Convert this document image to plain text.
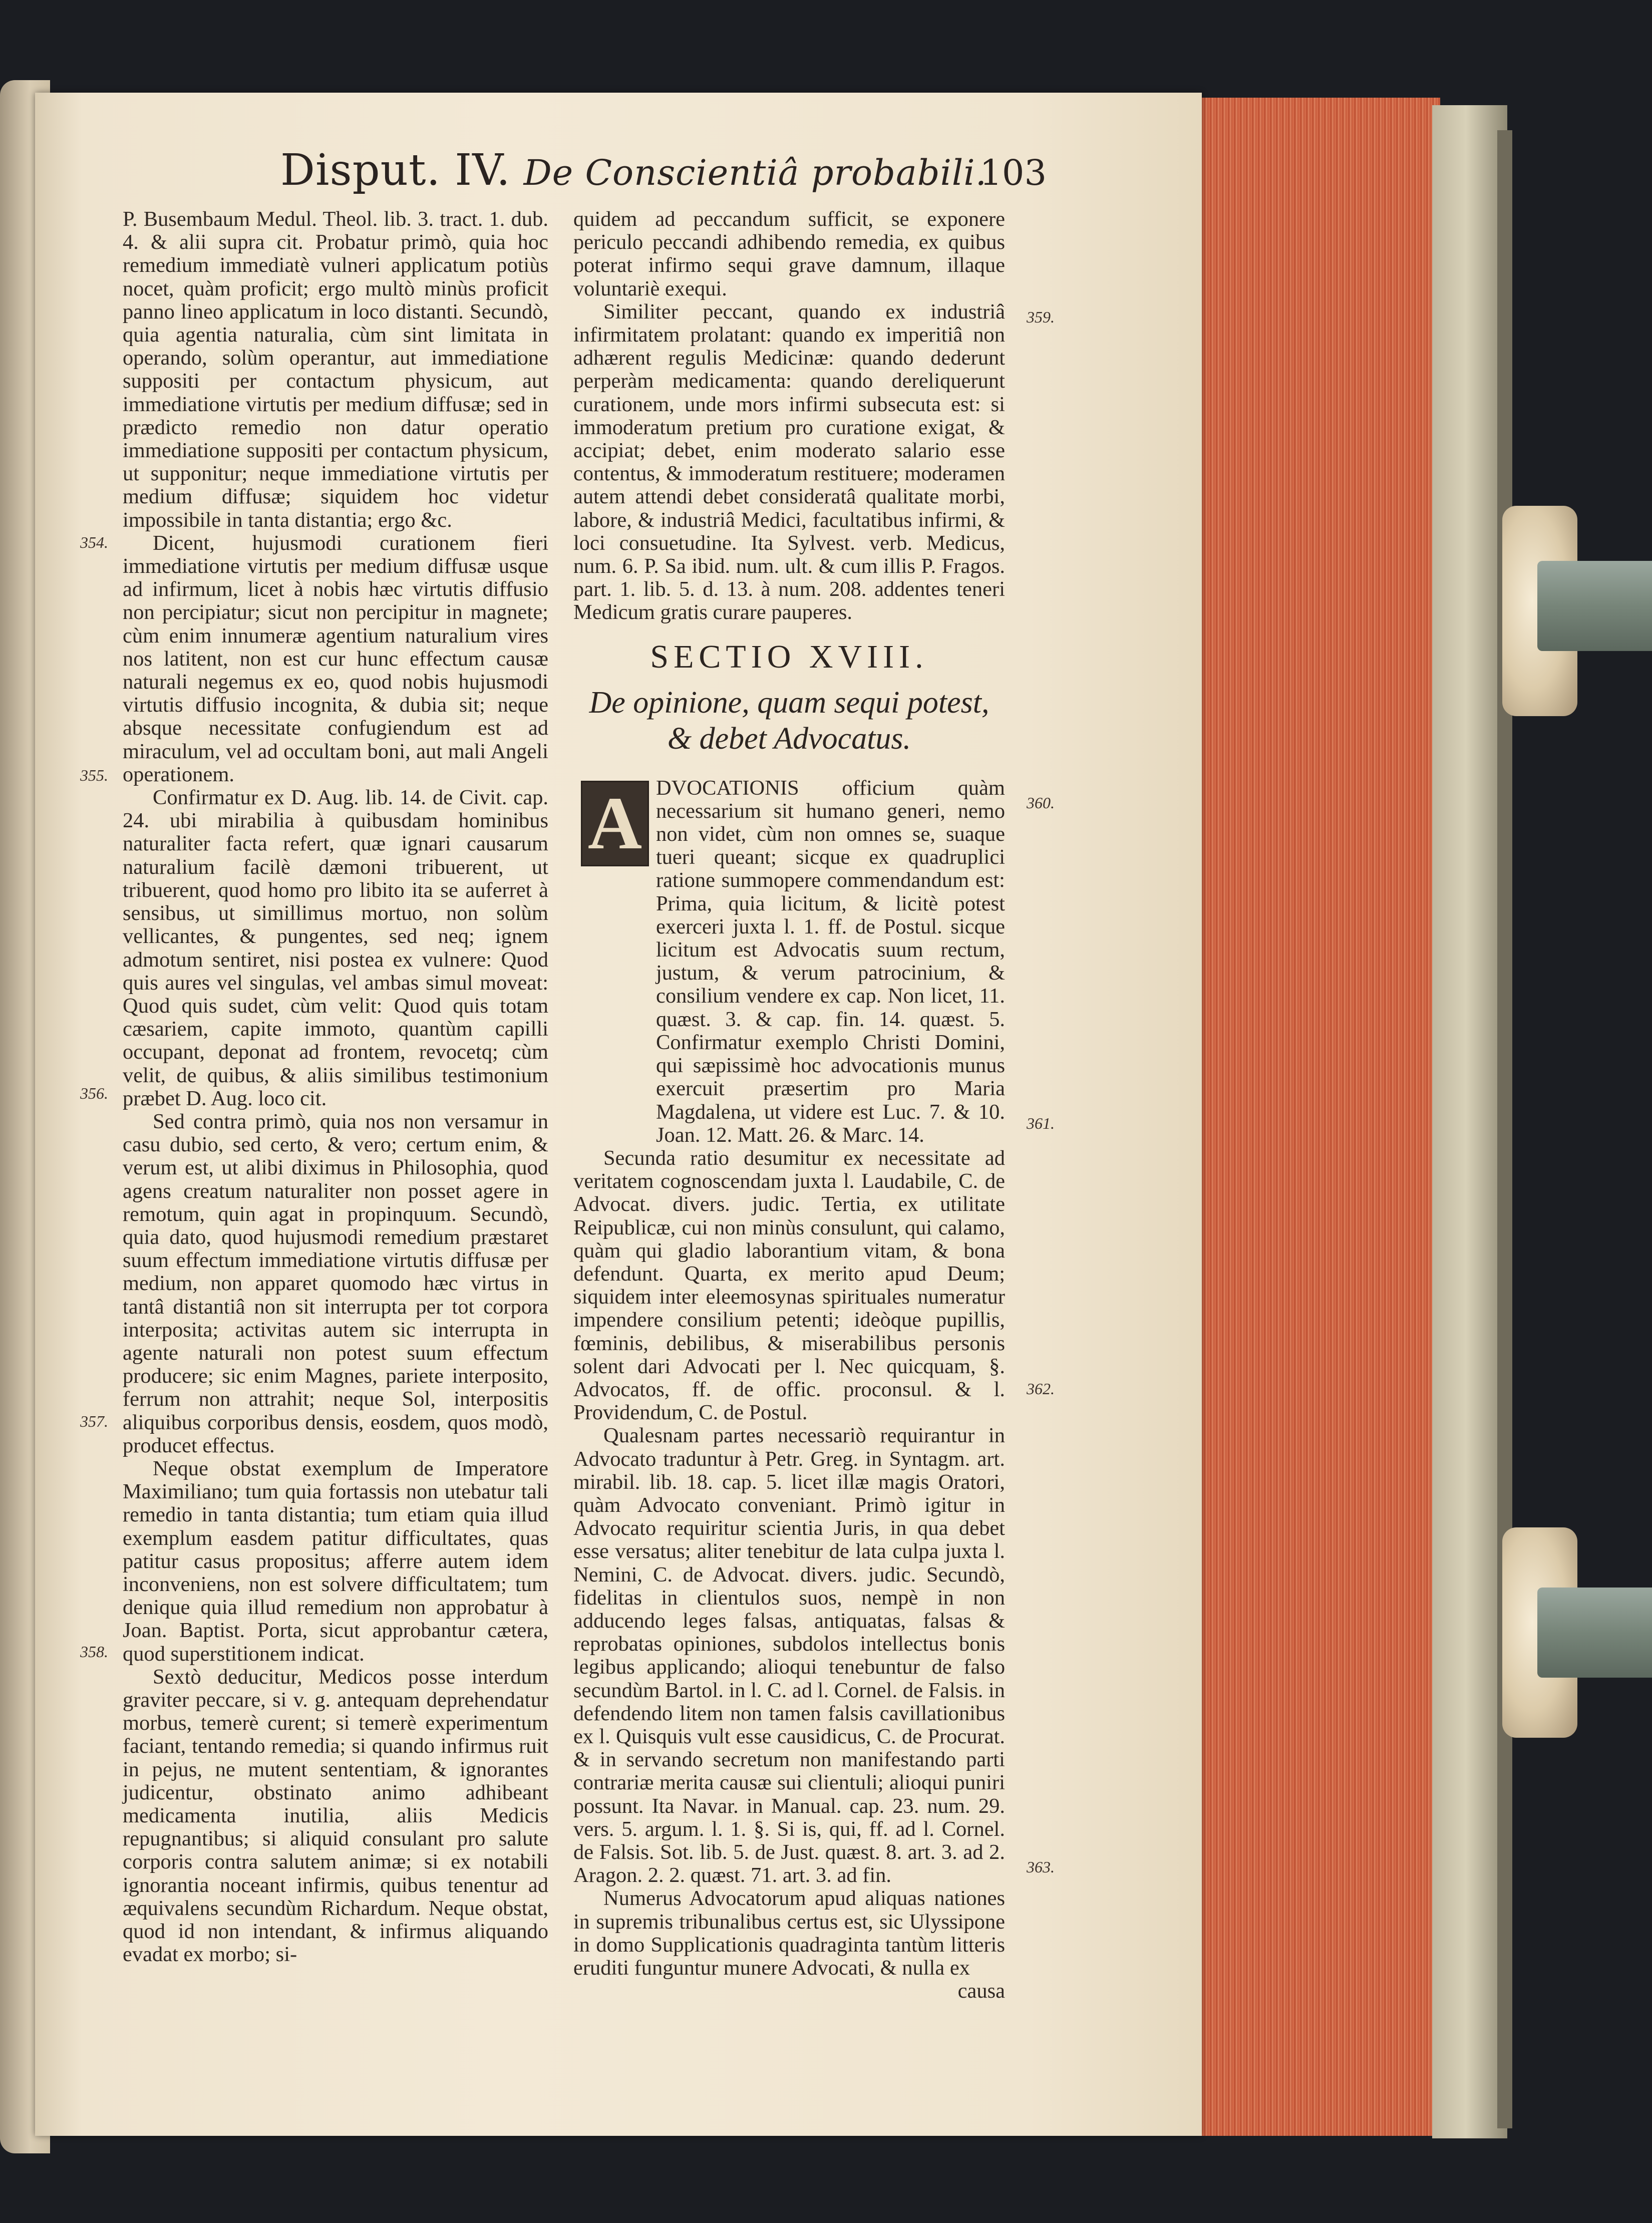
Disput. IV. De Conscientiâ probabili.
103

P. Busembaum Medul. Theol. lib. 3. tract. 1. dub. 4. & alii supra cit. Probatur primò, quia hoc remedium immediatè vulneri applicatum potiùs nocet, quàm proficit; ergo multò minùs proficit panno lineo applicatum in loco distanti. Secundò, quia agentia naturalia, cùm sint limitata in operando, solùm operantur, aut immediatione suppositi per contactum physicum, aut immediatione virtutis per medium diffusæ; sed in prædicto remedio non datur operatio immediatione suppositi per contactum physicum, ut supponitur; neque immediatione virtutis per medium diffusæ; siquidem hoc videtur impossibile in tanta distantia; ergo &c.

Dicent, hujusmodi curationem fieri immediatione virtutis per medium diffusæ usque ad infirmum, licet à nobis hæc virtutis diffusio non percipiatur; sicut non percipitur in magnete; cùm enim innumeræ agentium naturalium vires nos latitent, non est cur hunc effectum causæ naturali negemus ex eo, quod nobis hujusmodi virtutis diffusio incognita, & dubia sit; neque absque necessitate confugiendum est ad miraculum, vel ad occultam boni, aut mali Angeli operationem.

Confirmatur ex D. Aug. lib. 14. de Civit. cap. 24. ubi mirabilia à quibusdam hominibus naturaliter facta refert, quæ ignari causarum naturalium facilè dæmoni tribuerent, ut tribuerent, quod homo pro libito ita se auferret à sensibus, ut simillimus mortuo, non solùm vellicantes, & pungentes, sed neq; ignem admotum sentiret, nisi postea ex vulnere: Quod quis aures vel singulas, vel ambas simul moveat: Quod quis sudet, cùm velit: Quod quis totam cæsariem, capite immoto, quantùm capilli occupant, deponat ad frontem, revocetq; cùm velit, de quibus, & aliis similibus testimonium præbet D. Aug. loco cit.

Sed contra primò, quia nos non versamur in casu dubio, sed certo, & vero; certum enim, & verum est, ut alibi diximus in Philosophia, quod agens creatum naturaliter non posset agere in remotum, quin agat in propinquum. Secundò, quia dato, quod hujusmodi remedium præstaret suum effectum immediatione virtutis diffusæ per medium, non apparet quomodo hæc virtus in tantâ distantiâ non sit interrupta per tot corpora interposita; activitas autem sic interrupta in agente naturali non potest suum effectum producere; sic enim Magnes, pariete interposito, ferrum non attrahit; neque Sol, interpositis aliquibus corporibus densis, eosdem, quos modò, producet effectus.

Neque obstat exemplum de Imperatore Maximiliano; tum quia fortassis non utebatur tali remedio in tanta distantia; tum etiam quia illud exemplum easdem patitur difficultates, quas patitur casus propositus; afferre autem idem inconveniens, non est solvere difficultatem; tum denique quia illud remedium non approbatur à Joan. Baptist. Porta, sicut approbantur cætera, quod superstitionem indicat.

Sextò deducitur, Medicos posse interdum graviter peccare, si v. g. antequam deprehendatur morbus, temerè curent; si temerè experimentum faciant, tentando remedia; si quando infirmus ruit in pejus, ne mutent sententiam, & ignorantes judicentur, obstinato animo adhibeant medicamenta inutilia, aliis Medicis repugnantibus; si aliquid consulant pro salute corporis contra salutem animæ; si ex notabili ignorantia noceant infirmis, quibus tenentur ad æquivalens secundùm Richardum. Neque obstat, quod id non intendant, & infirmus aliquando evadat ex morbo; si-

quidem ad peccandum sufficit, se exponere periculo peccandi adhibendo remedia, ex quibus poterat infirmo sequi grave damnum, illaque voluntariè exequi.

Similiter peccant, quando ex industriâ infirmitatem prolatant: quando ex imperitiâ non adhærent regulis Medicinæ: quando dederunt perperàm medicamenta: quando dereliquerunt curationem, unde mors infirmi subsecuta est: si immoderatum pretium pro curatione exigat, & accipiat; debet, enim moderato salario esse contentus, & immoderatum restituere; moderamen autem attendi debet consideratâ qualitate morbi, labore, & industriâ Medici, facultatibus infirmi, & loci consuetudine. Ita Sylvest. verb. Medicus, num. 6. P. Sa ibid. num. ult. & cum illis P. Fragos. part. 1. lib. 5. d. 13. à num. 208. addentes teneri Medicum gratis curare pauperes.

SECTIO XVIII.
De opinione, quam sequi potest, & debet Advocatus.
A DVOCATIONIS officium quàm necessarium sit humano generi, nemo non videt, cùm non omnes se, suaque tueri queant; sicque ex quadruplici ratione summopere commendandum est: Prima, quia licitum, & licitè potest exerceri juxta l. 1. ff. de Postul. sicque licitum est Advocatis suum rectum, justum, & verum patrocinium, & consilium vendere ex cap. Non licet, 11. quæst. 3. & cap. fin. 14. quæst. 5. Confirmatur exemplo Christi Domini, qui sæpissimè hoc advocationis munus exercuit præsertim pro Maria Magdalena, ut videre est Luc. 7. & 10. Joan. 12. Matt. 26. & Marc. 14.

Secunda ratio desumitur ex necessitate ad veritatem cognoscendam juxta l. Laudabile, C. de Advocat. divers. judic. Tertia, ex utilitate Reipublicæ, cui non minùs consulunt, qui calamo, quàm qui gladio laborantium vitam, & bona defendunt. Quarta, ex merito apud Deum; siquidem inter eleemosynas spirituales numeratur impendere consilium petenti; ideòque pupillis, fœminis, debilibus, & miserabilibus personis solent dari Advocati per l. Nec quicquam, §. Advocatos, ff. de offic. proconsul. & l. Providendum, C. de Postul.

Qualesnam partes necessariò requirantur in Advocato traduntur à Petr. Greg. in Syntagm. art. mirabil. lib. 18. cap. 5. licet illæ magis Oratori, quàm Advocato conveniant. Primò igitur in Advocato requiritur scientia Juris, in qua debet esse versatus; aliter tenebitur de lata culpa juxta l. Nemini, C. de Advocat. divers. judic. Secundò, fidelitas in clientulos suos, nempè in non adducendo leges falsas, antiquatas, falsas & reprobatas opiniones, subdolos intellectus bonis legibus applicando; alioqui tenebuntur de falso secundùm Bartol. in l. C. ad l. Cornel. de Falsis. in defendendo litem non tamen falsis cavillationibus ex l. Quisquis vult esse causidicus, C. de Procurat. & in servando secretum non manifestando parti contrariæ merita causæ sui clientuli; alioqui puniri possunt. Ita Navar. in Manual. cap. 23. num. 29. vers. 5. argum. l. 1. §. Si is, qui, ff. ad l. Cornel. de Falsis. Sot. lib. 5. de Just. quæst. 8. art. 3. ad 2. Aragon. 2. 2. quæst. 71. art. 3. ad fin.

Numerus Advocatorum apud aliquas nationes in supremis tribunalibus certus est, sic Ulyssipone in domo Supplicationis quadraginta tantùm litteris eruditi funguntur munere Advocati, & nulla ex

causa

354.
355.
356.
357.
358.
359.
360.
361.
362.
363.
